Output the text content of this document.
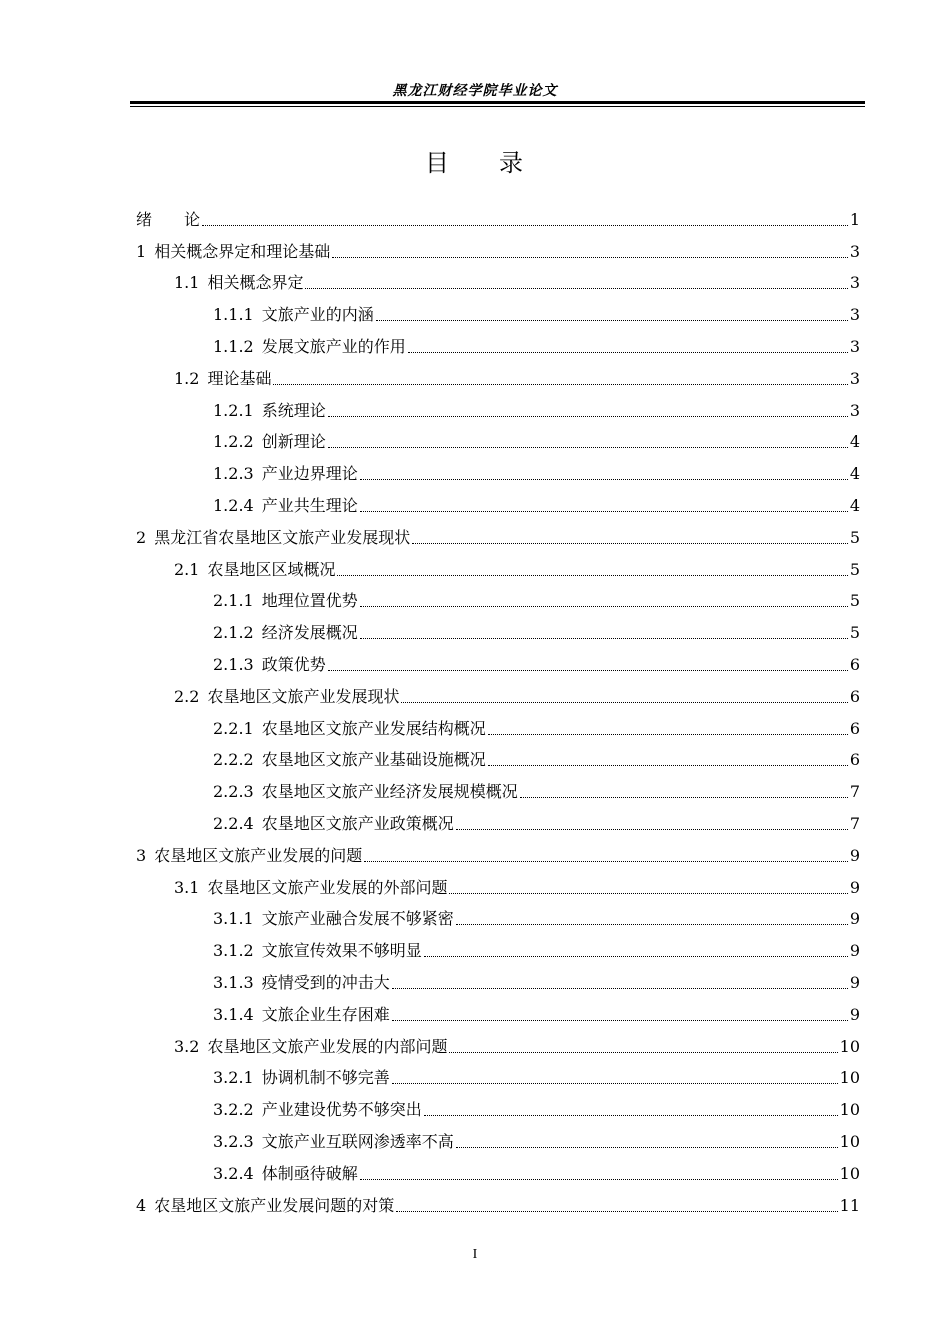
黑龙江财经学院毕业论文
目 录
绪论	1
1 相关概念界定和理论基础	3
1.1 相关概念界定	3
1.1.1 文旅产业的内涵	3
1.1.2 发展文旅产业的作用	3
1.2 理论基础	3
1.2.1 系统理论	3
1.2.2 创新理论	4
1.2.3 产业边界理论	4
1.2.4 产业共生理论	4
2 黑龙江省农垦地区文旅产业发展现状	5
2.1 农垦地区区域概况	5
2.1.1 地理位置优势	5
2.1.2 经济发展概况	5
2.1.3 政策优势	6
2.2 农垦地区文旅产业发展现状	6
2.2.1 农垦地区文旅产业发展结构概况	6
2.2.2 农垦地区文旅产业基础设施概况	6
2.2.3 农垦地区文旅产业经济发展规模概况	7
2.2.4 农垦地区文旅产业政策概况	7
3 农垦地区文旅产业发展的问题	9
3.1 农垦地区文旅产业发展的外部问题	9
3.1.1 文旅产业融合发展不够紧密	9
3.1.2 文旅宣传效果不够明显	9
3.1.3 疫情受到的冲击大	9
3.1.4 文旅企业生存困难	9
3.2 农垦地区文旅产业发展的内部问题	10
3.2.1 协调机制不够完善	10
3.2.2 产业建设优势不够突出	10
3.2.3 文旅产业互联网渗透率不高	10
3.2.4 体制亟待破解	10
4 农垦地区文旅产业发展问题的对策	11
I
